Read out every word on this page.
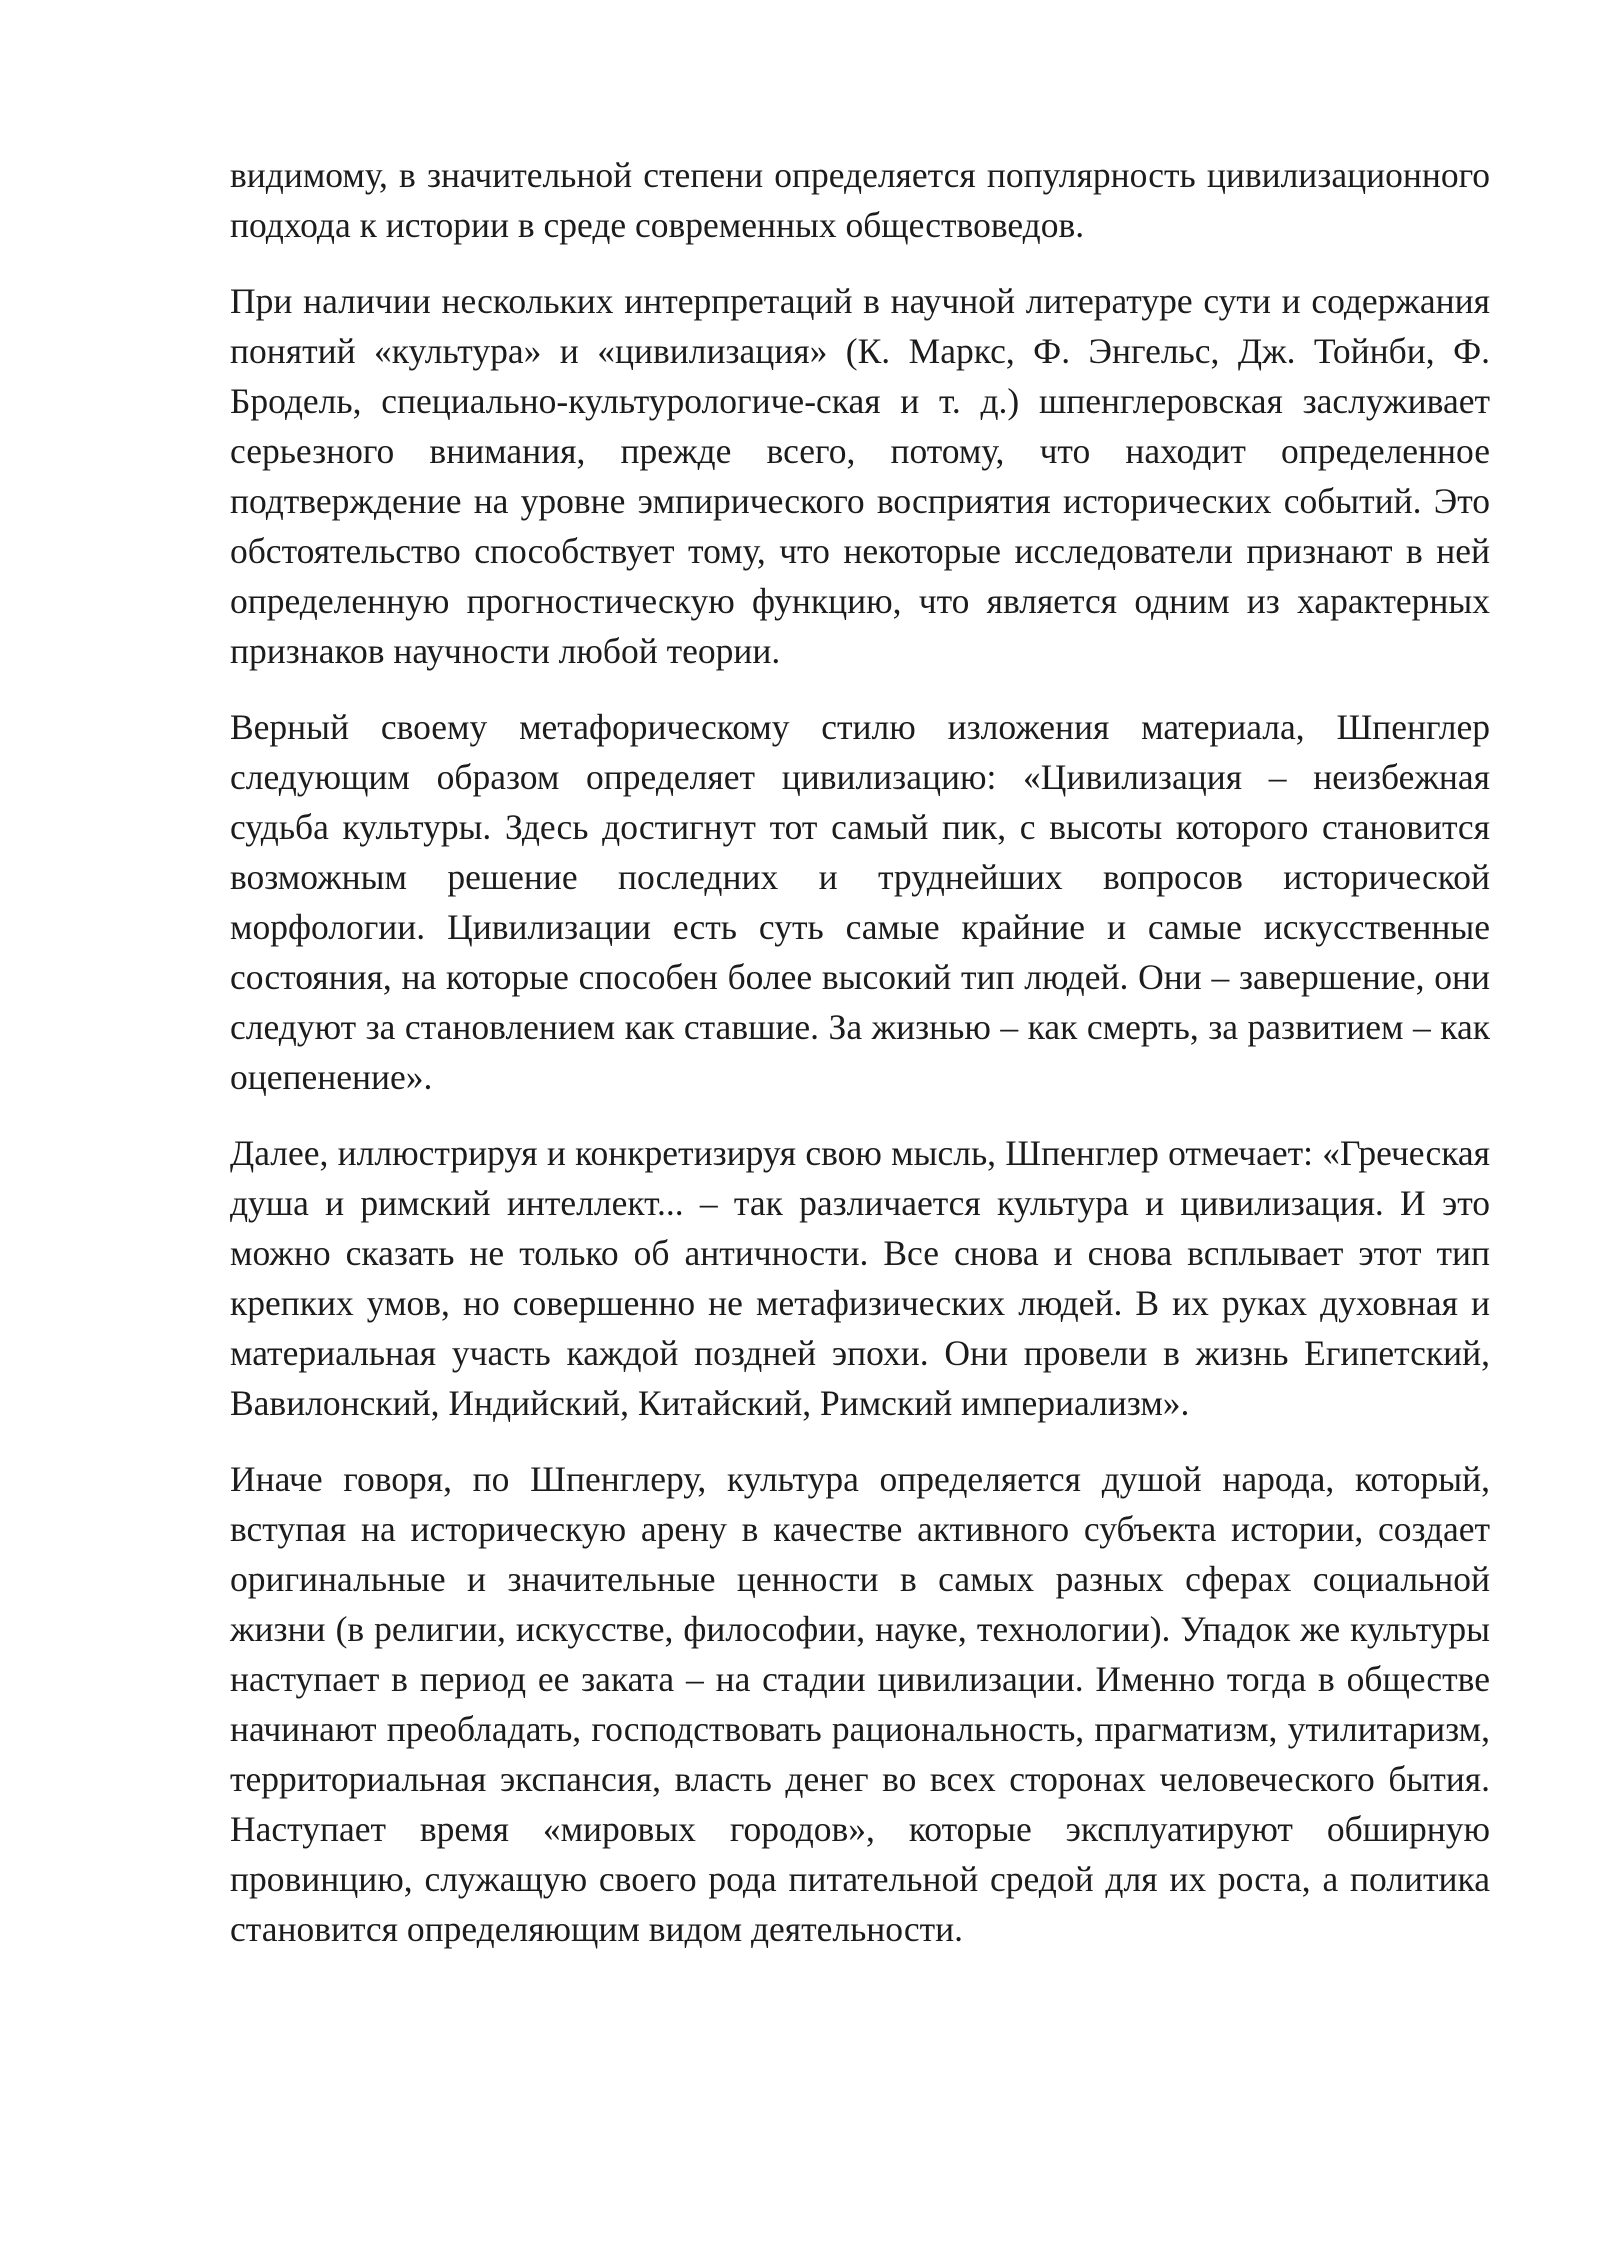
видимому, в значительной степени определяется популярность цивилизационного подхода к истории в среде современных обществоведов.

При наличии нескольких интерпретаций в научной литературе сути и содержания понятий «культура» и «цивилизация» (К. Маркс, Ф. Энгельс, Дж. Тойнби, Ф. Бродель, специально-культурологиче-ская и т. д.) шпенглеровская заслуживает серьезного внимания, прежде всего, потому, что находит определенное подтверждение на уровне эмпирического восприятия исторических событий. Это обстоятельство способствует тому, что некоторые исследователи признают в ней определенную прогностическую функцию, что является одним из характерных признаков научности любой теории.

Верный своему метафорическому стилю изложения материала, Шпенглер следующим образом определяет цивилизацию: «Цивилизация – неизбежная судьба культуры. Здесь достигнут тот самый пик, с высоты которого становится возможным решение последних и труднейших вопросов исторической морфологии. Цивилизации есть суть самые крайние и самые искусственные состояния, на которые способен более высокий тип людей. Они – завершение, они следуют за становлением как ставшие. За жизнью – как смерть, за развитием – как оцепенение».

Далее, иллюстрируя и конкретизируя свою мысль, Шпенглер отмечает: «Греческая душа и римский интеллект... – так различается культура и цивилизация. И это можно сказать не только об античности. Все снова и снова всплывает этот тип крепких умов, но совершенно не метафизических людей. В их руках духовная и материальная участь каждой поздней эпохи. Они провели в жизнь Египетский, Вавилонский, Индийский, Китайский, Римский империализм».

Иначе говоря, по Шпенглеру, культура определяется душой народа, который, вступая на историческую арену в качестве активного субъекта истории, создает оригинальные и значительные ценности в самых разных сферах социальной жизни (в религии, искусстве, философии, науке, технологии). Упадок же культуры наступает в период ее заката – на стадии цивилизации. Именно тогда в обществе начинают преобладать, господствовать рациональность, прагматизм, утилитаризм, территориальная экспансия, власть денег во всех сторонах человеческого бытия. Наступает время «мировых городов», которые эксплуатируют обширную провинцию, служащую своего рода питательной средой для их роста, а политика становится определяющим видом деятельности.
